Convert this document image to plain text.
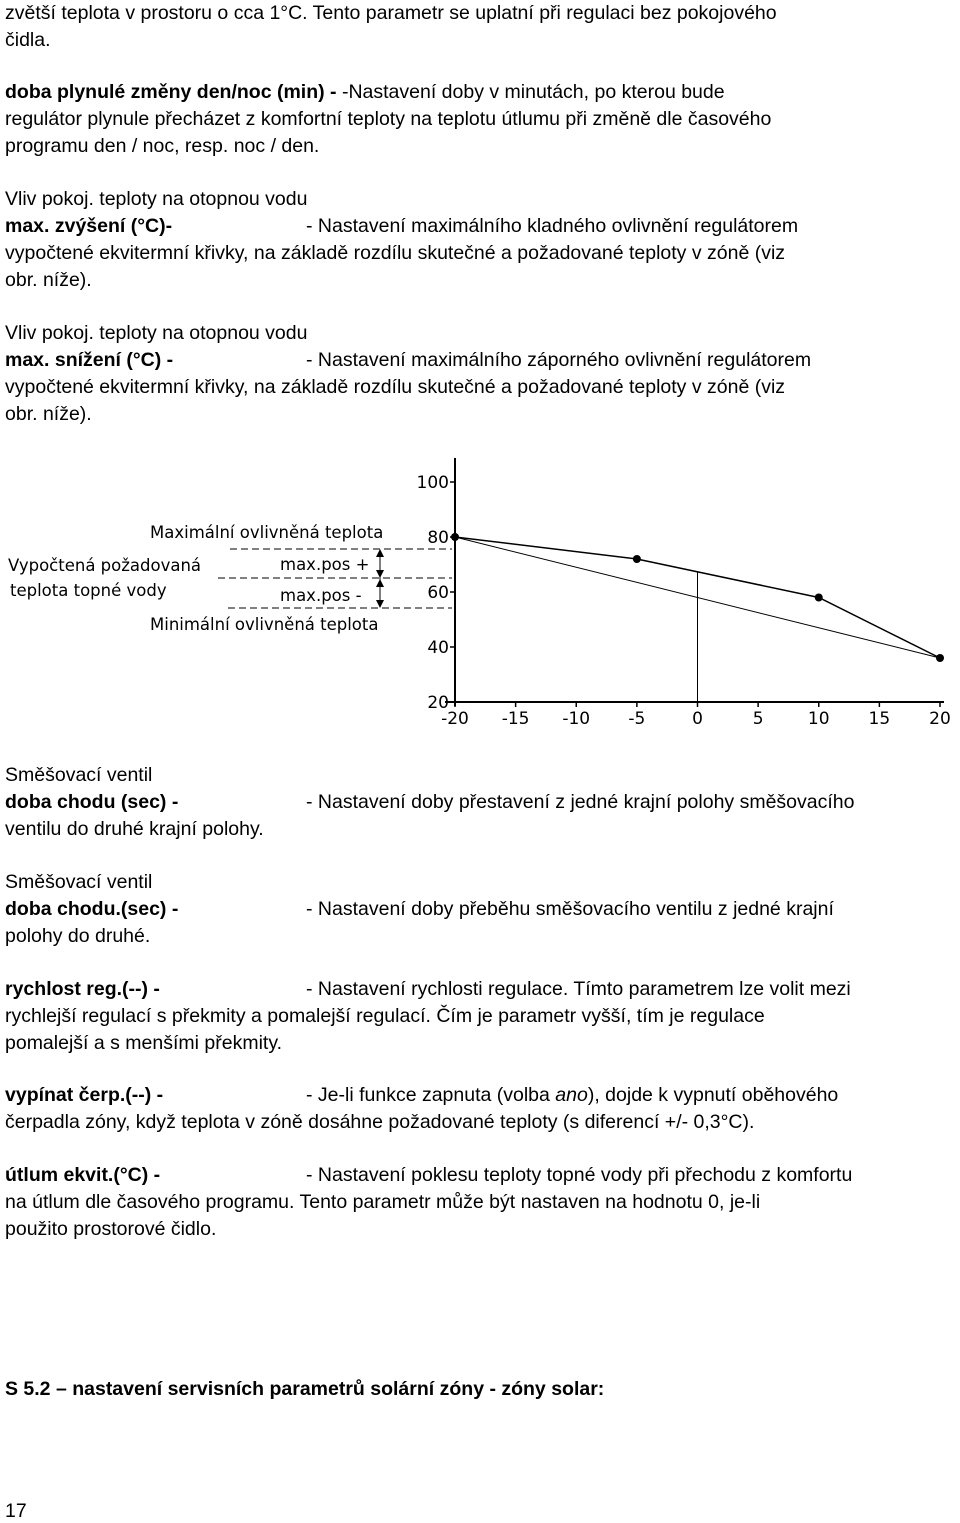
zvětší teplota v prostoru o cca 1°C. Tento parametr se uplatní při regulaci bez pokojového
čidla.
doba plynulé změny den/noc (min) - -Nastavení doby v minutách, po kterou bude
regulátor plynule přecházet z komfortní teploty na teplotu útlumu při změně dle časového
programu den / noc, resp. noc / den.
Vliv pokoj. teploty na otopnou vodu
max. zvýšení (°C)-	- Nastavení maximálního kladného ovlivnění regulátorem
vypočtené ekvitermní křivky, na základě rozdílu skutečné a požadované teploty v zóně (viz
obr. níže).
Vliv pokoj. teploty na otopnou vodu
max. snížení (°C) -	- Nastavení maximálního záporného ovlivnění regulátorem
vypočtené ekvitermní křivky, na základě rozdílu skutečné a požadované teploty v zóně (viz
obr. níže).
Maximální ovlivněná teplota
Vypočtená požadovaná
teplota topné vody
max.pos +
max.pos -
Minimální ovlivněná teplota
-20 -15 -10 -5	0	5	10 15 20
100
80
60
40
20
Směšovací ventil
doba chodu (sec) -	- Nastavení doby přestavení z jedné krajní polohy směšovacího
ventilu do druhé krajní polohy.
Směšovací ventil
doba chodu.(sec) -	- Nastavení doby přeběhu směšovacího ventilu z jedné krajní
polohy do druhé.
rychlost reg.(--) -	- Nastavení rychlosti regulace. Tímto parametrem lze volit mezi
rychlejší regulací s překmity a pomalejší regulací. Čím je parametr vyšší, tím je regulace
pomalejší a s menšími překmity.
vypínat čerp.(--) -	- Je-li funkce zapnuta (volba ano), dojde k vypnutí oběhového
čerpadla zóny, když teplota v zóně dosáhne požadované teploty (s diferencí +/- 0,3°C).
útlum ekvit.(°C) -	- Nastavení poklesu teploty topné vody při přechodu z komfortu
na útlum dle časového programu. Tento parametr může být nastaven na hodnotu 0, je-li
použito prostorové čidlo.
S 5.2 – nastavení servisních parametrů solární zóny - zóny solar:
17
